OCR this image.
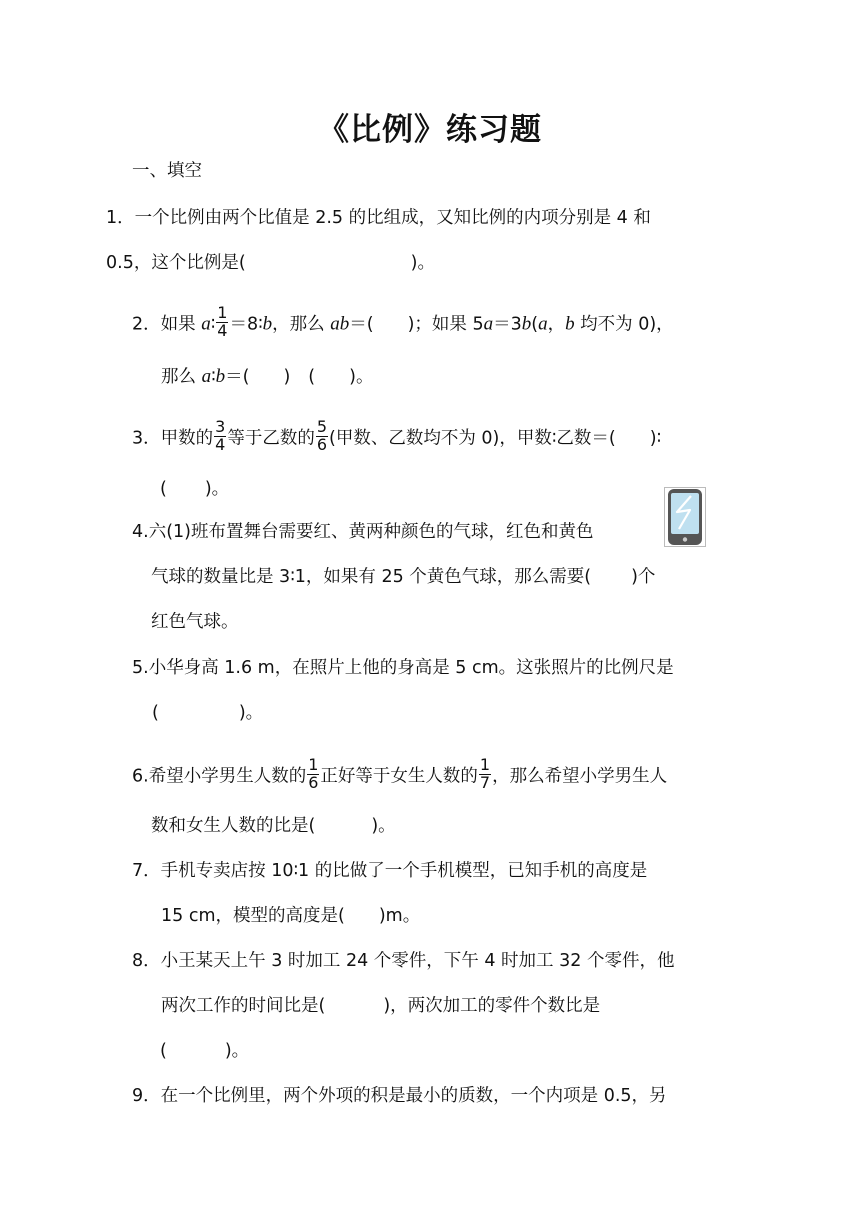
《比例》练习题
一、填空
1．一个比例由两个比值是 2.5 的比组成，又知比例的内项分别是 4 和
0.5，这个比例是(	)。
2．如果 a∶ $\frac{1}{4}$ ＝8∶b，那么 ab＝( )；如果 5a＝3b(a，b 均不为 0)，
那么 a∶b＝( ) ( )。
3．甲数的 $\frac{3}{4}$ 等于乙数的 $\frac{5}{6}$ (甲数、乙数均不为 0)，甲数∶乙数＝( )∶
( )。
4.六(1)班布置舞台需要红、黄两种颜色的气球，红色和黄色
气球的数量比是 3∶1，如果有 25 个黄色气球，那么需要( )个
红色气球。
5.小华身高 1.6 m，在照片上他的身高是 5 cm。这张照片的比例尺是
(	)。
6.希望小学男生人数的 $\frac{1}{6}$ 正好等于女生人数的 $\frac{1}{7}$ ，那么希望小学男生人
数和女生人数的比是(	)。
7．手机专卖店按 10∶1 的比做了一个手机模型，已知手机的高度是
15 cm，模型的高度是( )m。
8．小王某天上午 3 时加工 24 个零件，下午 4 时加工 32 个零件，他
两次工作的时间比是(	)，两次加工的零件个数比是
(	)。
9．在一个比例里，两个外项的积是最小的质数，一个内项是 0.5，另
